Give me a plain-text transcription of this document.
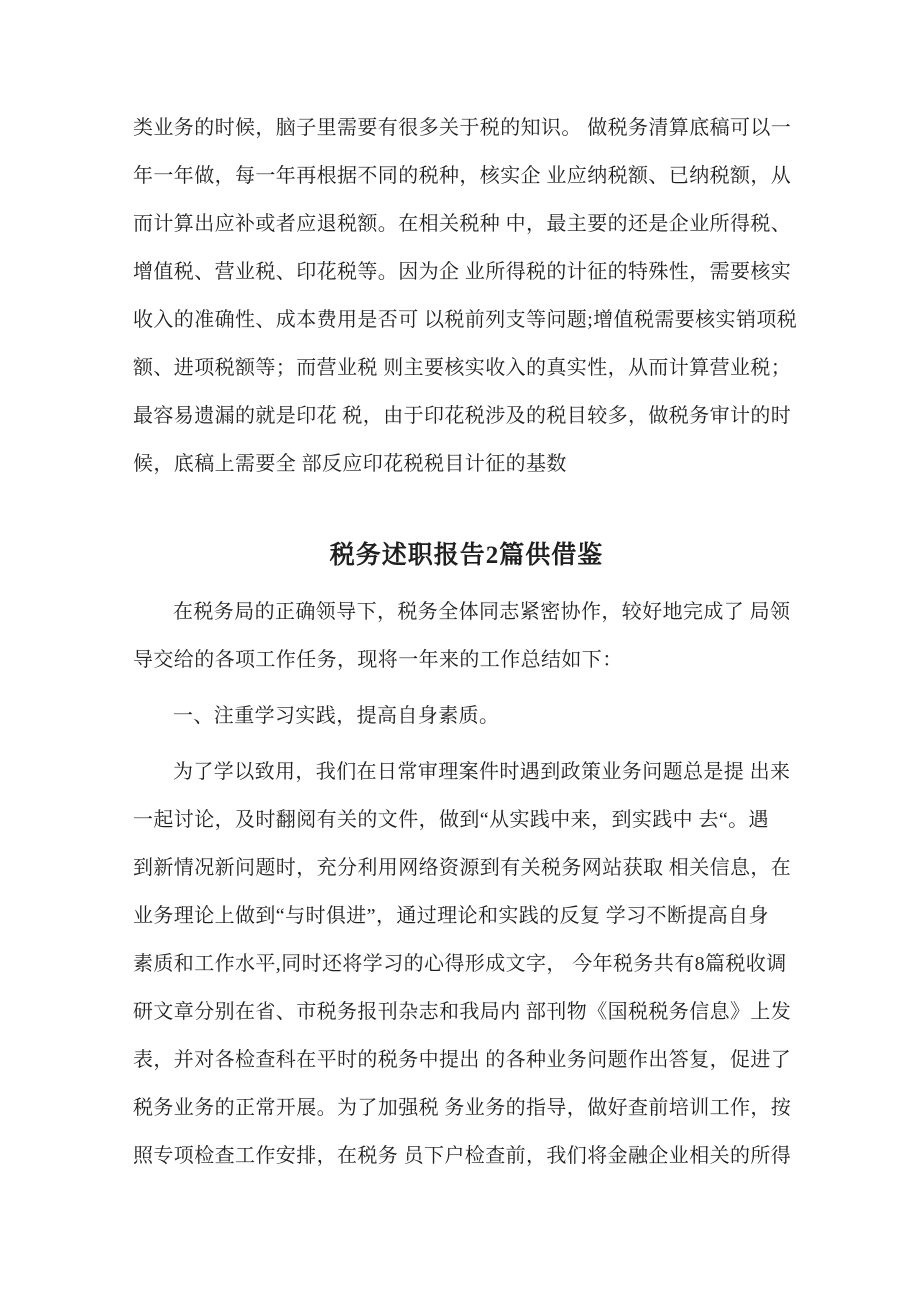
类业务的时候，脑子里需要有很多关于税的知识。 做税务清算底稿可以一
年一年做，每一年再根据不同的税种，核实企 业应纳税额、已纳税额，从
而计算出应补或者应退税额。在相关税种 中，最主要的还是企业所得税、
增值税、营业税、印花税等。因为企 业所得税的计征的特殊性，需要核实
收入的准确性、成本费用是否可 以税前列支等问题;增值税需要核实销项税
额、进项税额等；而营业税 则主要核实收入的真实性，从而计算营业税；
最容易遗漏的就是印花 税，由于印花税涉及的税目较多，做税务审计的时
候，底稿上需要全 部反应印花税税目计征的基数
税务述职报告2篇供借鉴
在税务局的正确领导下，税务全体同志紧密协作，较好地完成了 局领
导交给的各项工作任务，现将一年来的工作总结如下：
一、注重学习实践，提高自身素质。
为了学以致用，我们在日常审理案件时遇到政策业务问题总是提 出来
一起讨论，及时翻阅有关的文件，做到“从实践中来，到实践中 去“。遇
到新情况新问题时，充分利用网络资源到有关税务网站获取 相关信息，在
业务理论上做到“与时俱进”，通过理论和实践的反复 学习不断提高自身
素质和工作水平,同时还将学习的心得形成文字， 今年税务共有8篇税收调
研文章分别在省、市税务报刊杂志和我局内 部刊物《国税税务信息》上发
表，并对各检查科在平时的税务中提出 的各种业务问题作出答复，促进了
税务业务的正常开展。为了加强税 务业务的指导，做好查前培训工作，按
照专项检查工作安排，在税务 员下户检查前，我们将金融企业相关的所得
